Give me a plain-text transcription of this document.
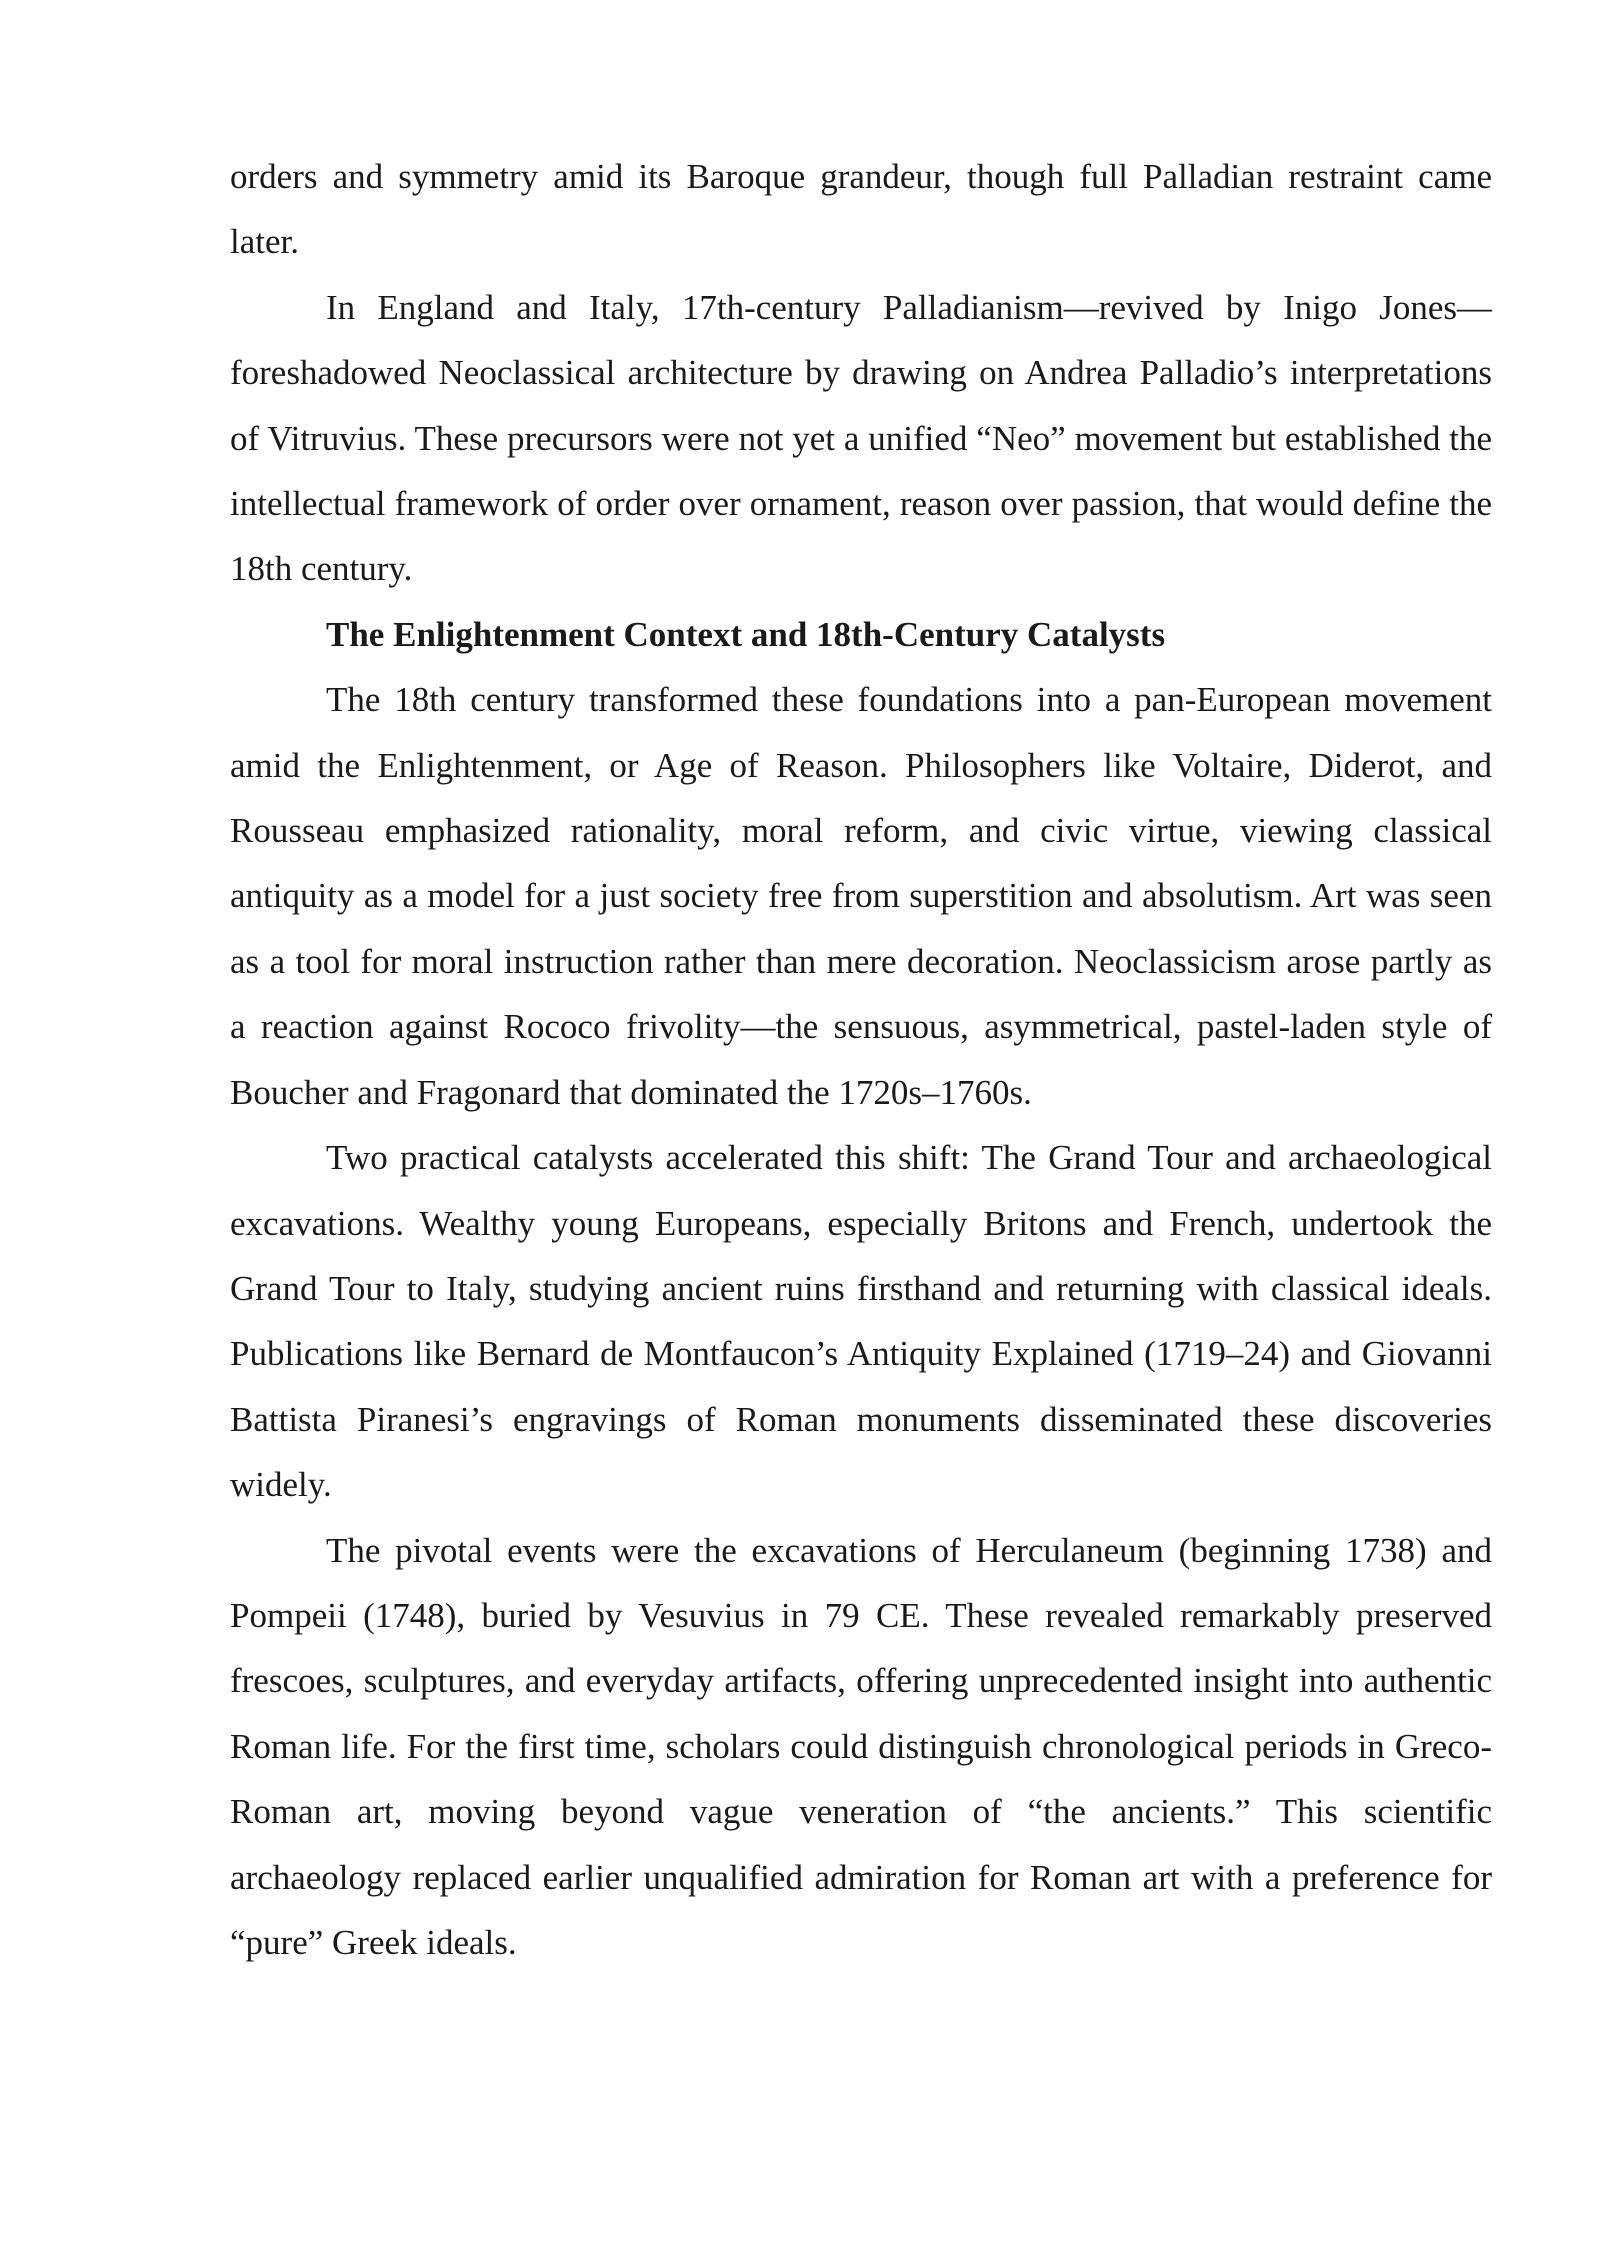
orders and symmetry amid its Baroque grandeur, though full Palladian restraint came later.

In England and Italy, 17th-century Palladianism—revived by Inigo Jones—foreshadowed Neoclassical architecture by drawing on Andrea Palladio’s interpretations of Vitruvius. These precursors were not yet a unified “Neo” movement but established the intellectual framework of order over ornament, reason over passion, that would define the 18th century.

The Enlightenment Context and 18th-Century Catalysts

The 18th century transformed these foundations into a pan-European movement amid the Enlightenment, or Age of Reason. Philosophers like Voltaire, Diderot, and Rousseau emphasized rationality, moral reform, and civic virtue, viewing classical antiquity as a model for a just society free from superstition and absolutism. Art was seen as a tool for moral instruction rather than mere decoration. Neoclassicism arose partly as a reaction against Rococo frivolity—the sensuous, asymmetrical, pastel-laden style of Boucher and Fragonard that dominated the 1720s–1760s.

Two practical catalysts accelerated this shift: The Grand Tour and archaeological excavations. Wealthy young Europeans, especially Britons and French, undertook the Grand Tour to Italy, studying ancient ruins firsthand and returning with classical ideals. Publications like Bernard de Montfaucon’s Antiquity Explained (1719–24) and Giovanni Battista Piranesi’s engravings of Roman monuments disseminated these discoveries widely.

The pivotal events were the excavations of Herculaneum (beginning 1738) and Pompeii (1748), buried by Vesuvius in 79 CE. These revealed remarkably preserved frescoes, sculptures, and everyday artifacts, offering unprecedented insight into authentic Roman life. For the first time, scholars could distinguish chronological periods in Greco-Roman art, moving beyond vague veneration of “the ancients.” This scientific archaeology replaced earlier unqualified admiration for Roman art with a preference for “pure” Greek ideals.
